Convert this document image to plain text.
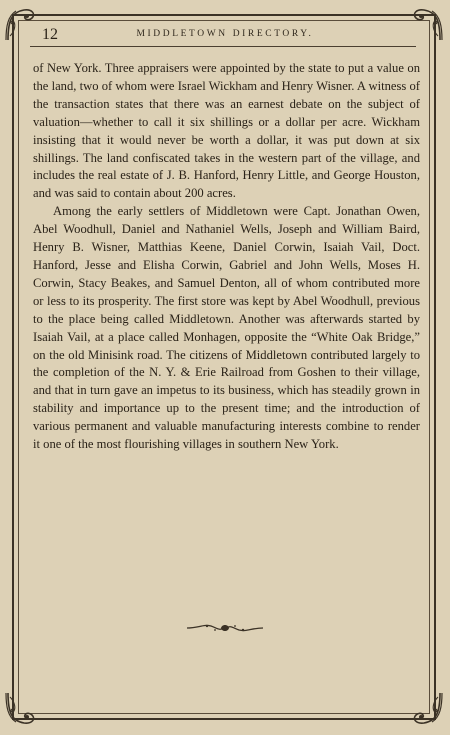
12	MIDDLETOWN DIRECTORY.

of New York. Three appraisers were appointed by the state to put a value on the land, two of whom were Israel Wickham and Henry Wisner. A witness of the transaction states that there was an earnest debate on the subject of valuation—whether to call it six shillings or a dollar per acre. Wickham insisting that it would never be worth a dollar, it was put down at six shillings. The land confiscated takes in the western part of the village, and includes the real estate of J. B. Hanford, Henry Little, and George Houston, and was said to contain about 200 acres.

Among the early settlers of Middletown were Capt. Jonathan Owen, Abel Woodhull, Daniel and Nathaniel Wells, Joseph and William Baird, Henry B. Wisner, Matthias Keene, Daniel Corwin, Isaiah Vail, Doct. Hanford, Jesse and Elisha Corwin, Gabriel and John Wells, Moses H. Corwin, Stacy Beakes, and Samuel Denton, all of whom contributed more or less to its prosperity. The first store was kept by Abel Woodhull, previous to the place being called Middletown. Another was afterwards started by Isaiah Vail, at a place called Monhagen, opposite the “White Oak Bridge,” on the old Minisink road. The citizens of Middletown contributed largely to the completion of the N. Y. & Erie Railroad from Goshen to their village, and that in turn gave an impetus to its business, which has steadily grown in stability and importance up to the present time; and the introduction of various permanent and valuable manufacturing interests combine to render it one of the most flourishing villages in southern New York.
